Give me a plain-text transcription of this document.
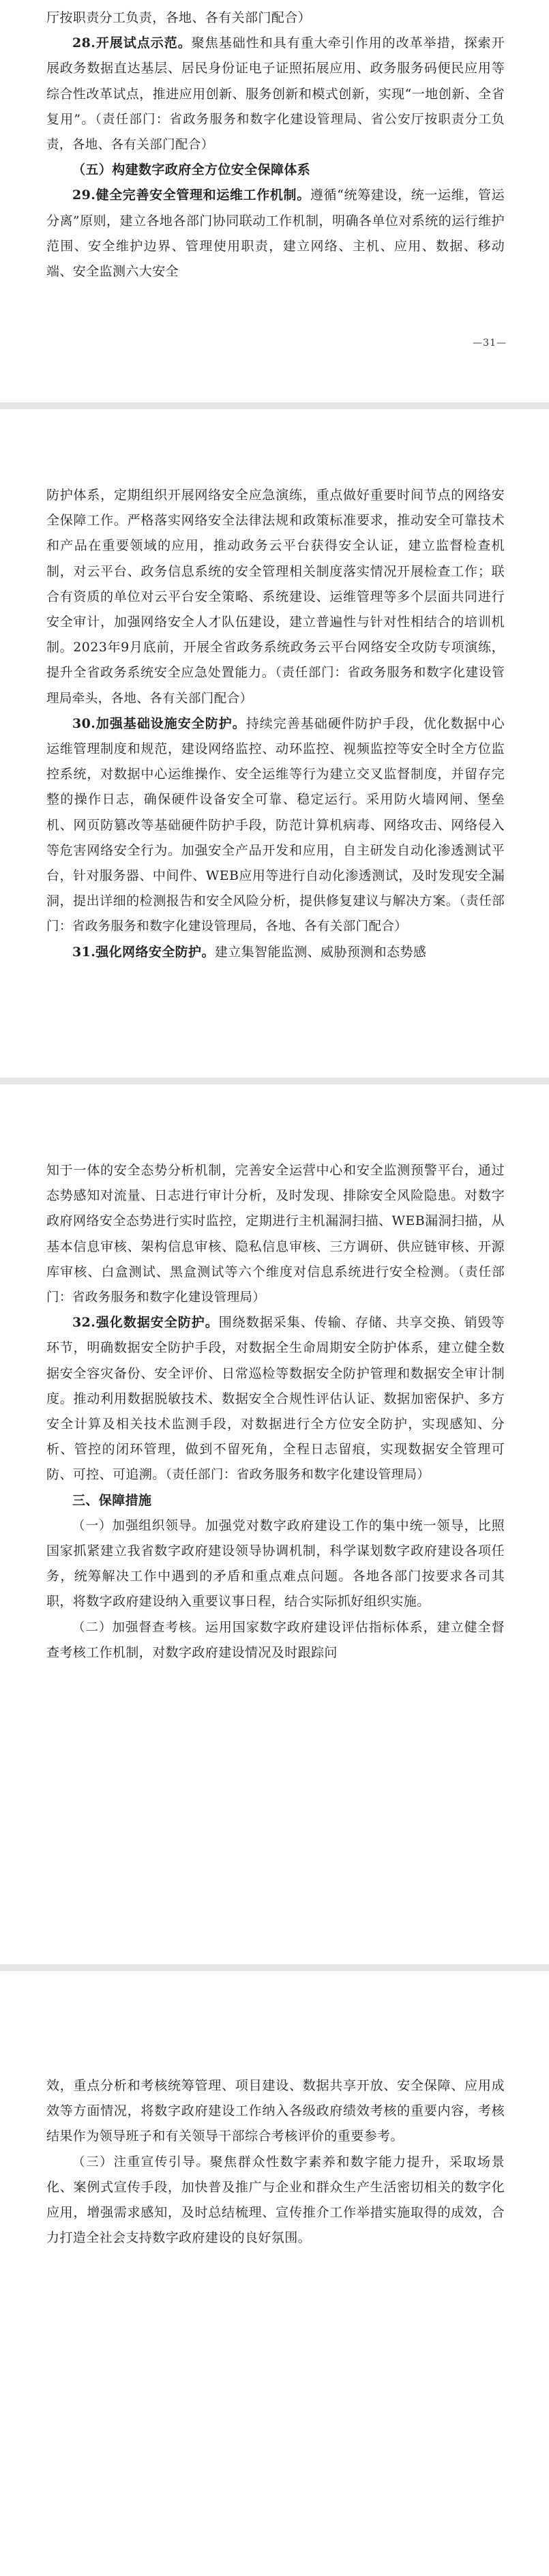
厅按职责分工负责，各地、各有关部门配合）

28.开展试点示范。聚焦基础性和具有重大牵引作用的改革举措，探索开展政务数据直达基层、居民身份证电子证照拓展应用、政务服务码便民应用等综合性改革试点，推进应用创新、服务创新和模式创新，实现“一地创新、全省复用”。（责任部门：省政务服务和数字化建设管理局、省公安厅按职责分工负责，各地、各有关部门配合）

（五）构建数字政府全方位安全保障体系

29.健全完善安全管理和运维工作机制。遵循“统筹建设，统一运维，管运分离”原则，建立各地各部门协同联动工作机制，明确各单位对系统的运行维护范围、安全维护边界、管理使用职责，建立网络、主机、应用、数据、移动端、安全监测六大安全

—31—

防护体系，定期组织开展网络安全应急演练，重点做好重要时间节点的网络安全保障工作。严格落实网络安全法律法规和政策标准要求，推动安全可靠技术和产品在重要领域的应用，推动政务云平台获得安全认证，建立监督检查机制，对云平台、政务信息系统的安全管理相关制度落实情况开展检查工作；联合有资质的单位对云平台安全策略、系统建设、运维管理等多个层面共同进行安全审计，加强网络安全人才队伍建设，建立普遍性与针对性相结合的培训机制。2023年9月底前，开展全省政务系统政务云平台网络安全攻防专项演练，提升全省政务系统安全应急处置能力。（责任部门：省政务服务和数字化建设管理局牵头，各地、各有关部门配合）

30.加强基础设施安全防护。持续完善基础硬件防护手段，优化数据中心运维管理制度和规范，建设网络监控、动环监控、视频监控等安全时全方位监控系统，对数据中心运维操作、安全运维等行为建立交叉监督制度，并留存完整的操作日志，确保硬件设备安全可靠、稳定运行。采用防火墙网闸、堡垒机、网页防篡改等基础硬件防护手段，防范计算机病毒、网络攻击、网络侵入等危害网络安全行为。加强安全产品开发和应用，自主研发自动化渗透测试平台，针对服务器、中间件、WEB应用等进行自动化渗透测试，及时发现安全漏洞，提出详细的检测报告和安全风险分析，提供修复建议与解决方案。（责任部门：省政务服务和数字化建设管理局，各地、各有关部门配合）

31.强化网络安全防护。建立集智能监测、威胁预测和态势感

知于一体的安全态势分析机制，完善安全运营中心和安全监测预警平台，通过态势感知对流量、日志进行审计分析，及时发现、排除安全风险隐患。对数字政府网络安全态势进行实时监控，定期进行主机漏洞扫描、WEB漏洞扫描，从基本信息审核、架构信息审核、隐私信息审核、三方调研、供应链审核、开源库审核、白盒测试、黑盒测试等六个维度对信息系统进行安全检测。（责任部门：省政务服务和数字化建设管理局）

32.强化数据安全防护。围绕数据采集、传输、存储、共享交换、销毁等环节，明确数据安全防护手段，对数据全生命周期安全防护体系，建立健全数据安全容灾备份、安全评价、日常巡检等数据安全防护管理和数据安全审计制度。推动利用数据脱敏技术、数据安全合规性评估认证、数据加密保护、多方安全计算及相关技术监测手段，对数据进行全方位安全防护，实现感知、分析、管控的闭环管理，做到不留死角，全程日志留痕，实现数据安全管理可防、可控、可追溯。（责任部门：省政务服务和数字化建设管理局）

三、保障措施

（一）加强组织领导。加强党对数字政府建设工作的集中统一领导，比照国家抓紧建立我省数字政府建设领导协调机制，科学谋划数字政府建设各项任务，统筹解决工作中遇到的矛盾和重点难点问题。各地各部门按要求各司其职，将数字政府建设纳入重要议事日程，结合实际抓好组织实施。

（二）加强督查考核。运用国家数字政府建设评估指标体系，建立健全督查考核工作机制，对数字政府建设情况及时跟踪问

效，重点分析和考核统筹管理、项目建设、数据共享开放、安全保障、应用成效等方面情况，将数字政府建设工作纳入各级政府绩效考核的重要内容，考核结果作为领导班子和有关领导干部综合考核评价的重要参考。

（三）注重宣传引导。聚焦群众性数字素养和数字能力提升，采取场景化、案例式宣传手段，加快普及推广与企业和群众生产生活密切相关的数字化应用，增强需求感知，及时总结梳理、宣传推介工作举措实施取得的成效，合力打造全社会支持数字政府建设的良好氛围。
